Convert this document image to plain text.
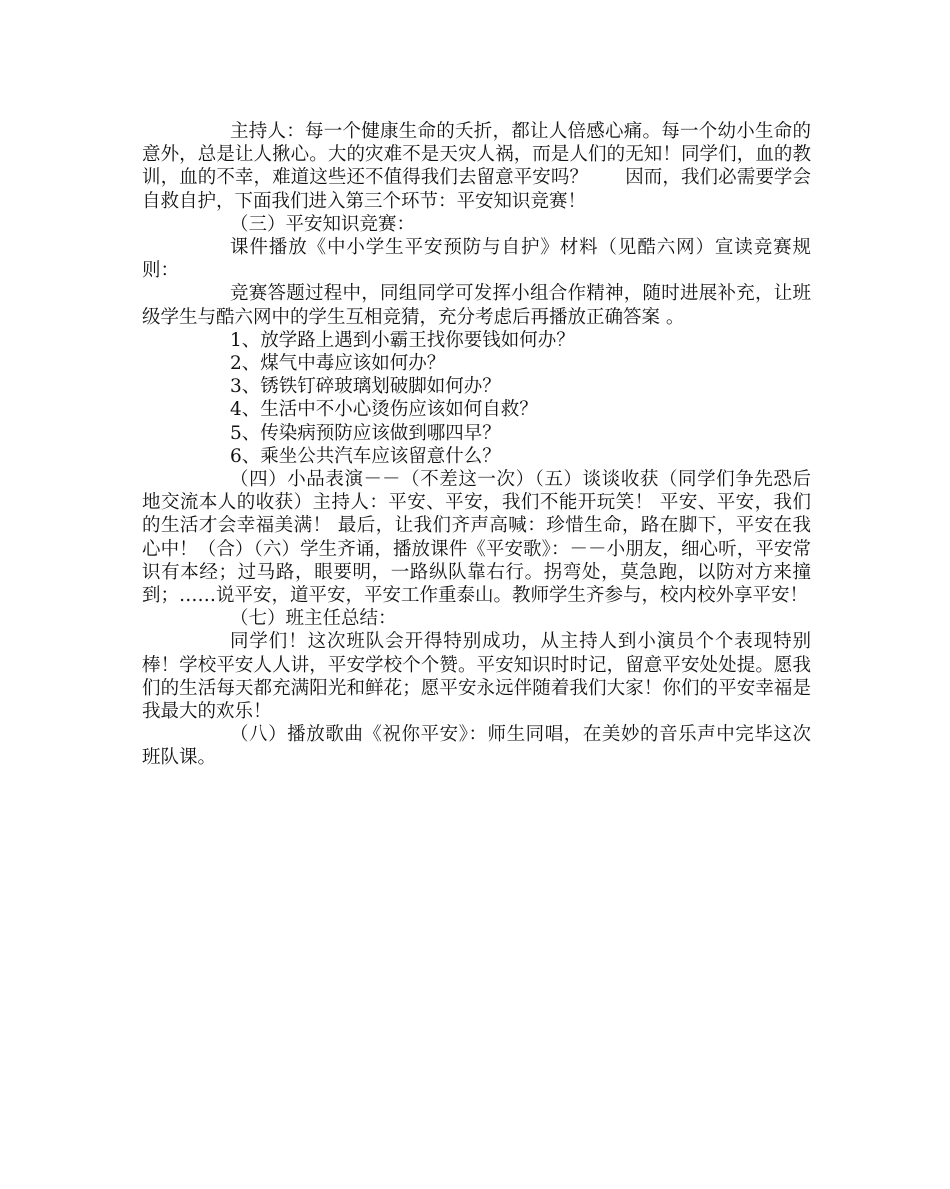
主持人：每一个健康生命的夭折，都让人倍感心痛。每一个幼小生命的意外，总是让人揪心。大的灾难不是天灾人祸，而是人们的无知！同学们，血的教训，血的不幸，难道这些还不值得我们去留意平安吗？　　因而，我们必需要学会自救自护，下面我们进入第三个环节：平安知识竞赛！

（三）平安知识竞赛：

课件播放《中小学生平安预防与自护》材料（见酷六网）宣读竞赛规则：

竞赛答题过程中，同组同学可发挥小组合作精神，随时进展补充，让班级学生与酷六网中的学生互相竞猜，充分考虑后再播放正确答案 。

1、放学路上遇到小霸王找你要钱如何办？

2、煤气中毒应该如何办？

3、锈铁钉碎玻璃划破脚如何办？

4、生活中不小心烫伤应该如何自救？

5、传染病预防应该做到哪四早？

6、乘坐公共汽车应该留意什么？

（四）小品表演－－（不差这一次）（五）谈谈收获（同学们争先恐后地交流本人的收获）主持人：平安、平安，我们不能开玩笑！ 平安、平安，我们的生活才会幸福美满！ 最后，让我们齐声高喊：珍惜生命，路在脚下，平安在我心中！（合）（六）学生齐诵，播放课件《平安歌》：－－小朋友，细心听，平安常识有本经；过马路，眼要明，一路纵队靠右行。拐弯处，莫急跑，以防对方来撞到；……说平安，道平安，平安工作重泰山。教师学生齐参与，校内校外享平安！

（七）班主任总结：

同学们！这次班队会开得特别成功，从主持人到小演员个个表现特别棒！学校平安人人讲，平安学校个个赞。平安知识时时记，留意平安处处提。愿我们的生活每天都充满阳光和鲜花；愿平安永远伴随着我们大家！你们的平安幸福是我最大的欢乐！

（八）播放歌曲《祝你平安》：师生同唱，在美妙的音乐声中完毕这次班队课。
